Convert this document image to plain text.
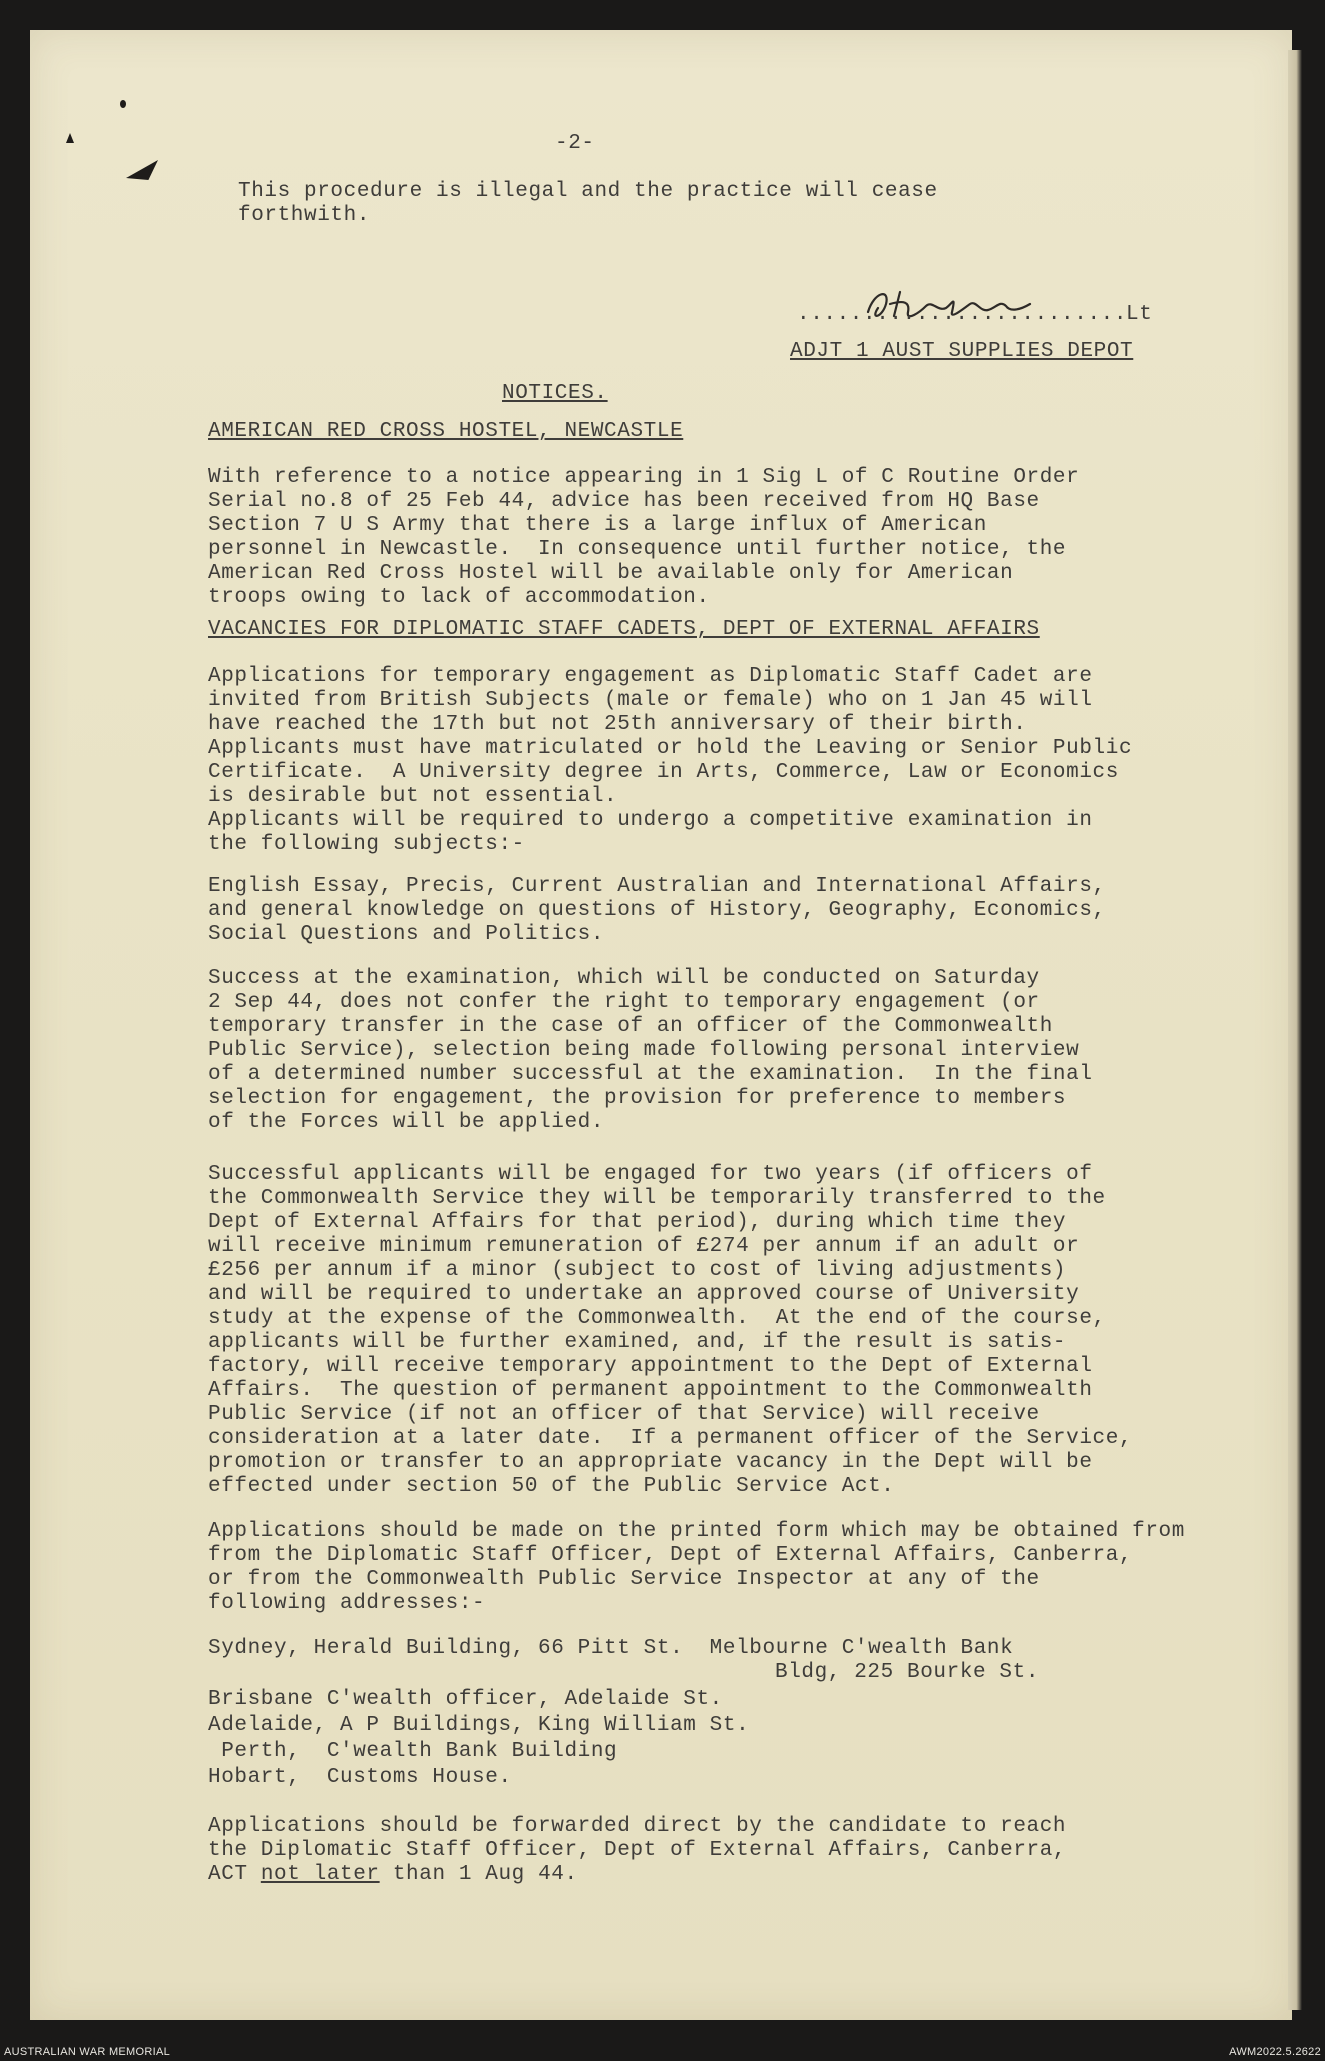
-2-
This procedure is illegal and the practice will cease
forthwith.
.........................
Lt
ADJT 1 AUST SUPPLIES DEPOT
NOTICES.
AMERICAN RED CROSS HOSTEL, NEWCASTLE
With reference to a notice appearing in 1 Sig L of C Routine Order
Serial no.8 of 25 Feb 44, advice has been received from HQ Base
Section 7 U S Army that there is a large influx of American
personnel in Newcastle.  In consequence until further notice, the
American Red Cross Hostel will be available only for American
troops owing to lack of accommodation.
VACANCIES FOR DIPLOMATIC STAFF CADETS, DEPT OF EXTERNAL AFFAIRS
Applications for temporary engagement as Diplomatic Staff Cadet are
invited from British Subjects (male or female) who on 1 Jan 45 will
have reached the 17th but not 25th anniversary of their birth.
Applicants must have matriculated or hold the Leaving or Senior Public
Certificate.  A University degree in Arts, Commerce, Law or Economics
is desirable but not essential.
Applicants will be required to undergo a competitive examination in
the following subjects:-
English Essay, Precis, Current Australian and International Affairs,
and general knowledge on questions of History, Geography, Economics,
Social Questions and Politics.
Success at the examination, which will be conducted on Saturday
2 Sep 44, does not confer the right to temporary engagement (or
temporary transfer in the case of an officer of the Commonwealth
Public Service), selection being made following personal interview
of a determined number successful at the examination.  In the final
selection for engagement, the provision for preference to members
of the Forces will be applied.
Successful applicants will be engaged for two years (if officers of
the Commonwealth Service they will be temporarily transferred to the
Dept of External Affairs for that period), during which time they
will receive minimum remuneration of £274 per annum if an adult or
£256 per annum if a minor (subject to cost of living adjustments)
and will be required to undertake an approved course of University
study at the expense of the Commonwealth.  At the end of the course,
applicants will be further examined, and, if the result is satis-
factory, will receive temporary appointment to the Dept of External
Affairs.  The question of permanent appointment to the Commonwealth
Public Service (if not an officer of that Service) will receive
consideration at a later date.  If a permanent officer of the Service,
promotion or transfer to an appropriate vacancy in the Dept will be
effected under section 50 of the Public Service Act.
Applications should be made on the printed form which may be obtained from
from the Diplomatic Staff Officer, Dept of External Affairs, Canberra,
or from the Commonwealth Public Service Inspector at any of the
following addresses:-
Sydney, Herald Building, 66 Pitt St.  Melbourne C'wealth Bank
Bldg, 225 Bourke St.
Brisbane C'wealth officer, Adelaide St.
Adelaide, A P Buildings, King William St.
Perth,  C'wealth Bank Building
Hobart,  Customs House.
Applications should be forwarded direct by the candidate to reach
the Diplomatic Staff Officer, Dept of External Affairs, Canberra,
ACT not later than 1 Aug 44.
AUSTRALIAN WAR MEMORIAL	AWM2022.5.2622
